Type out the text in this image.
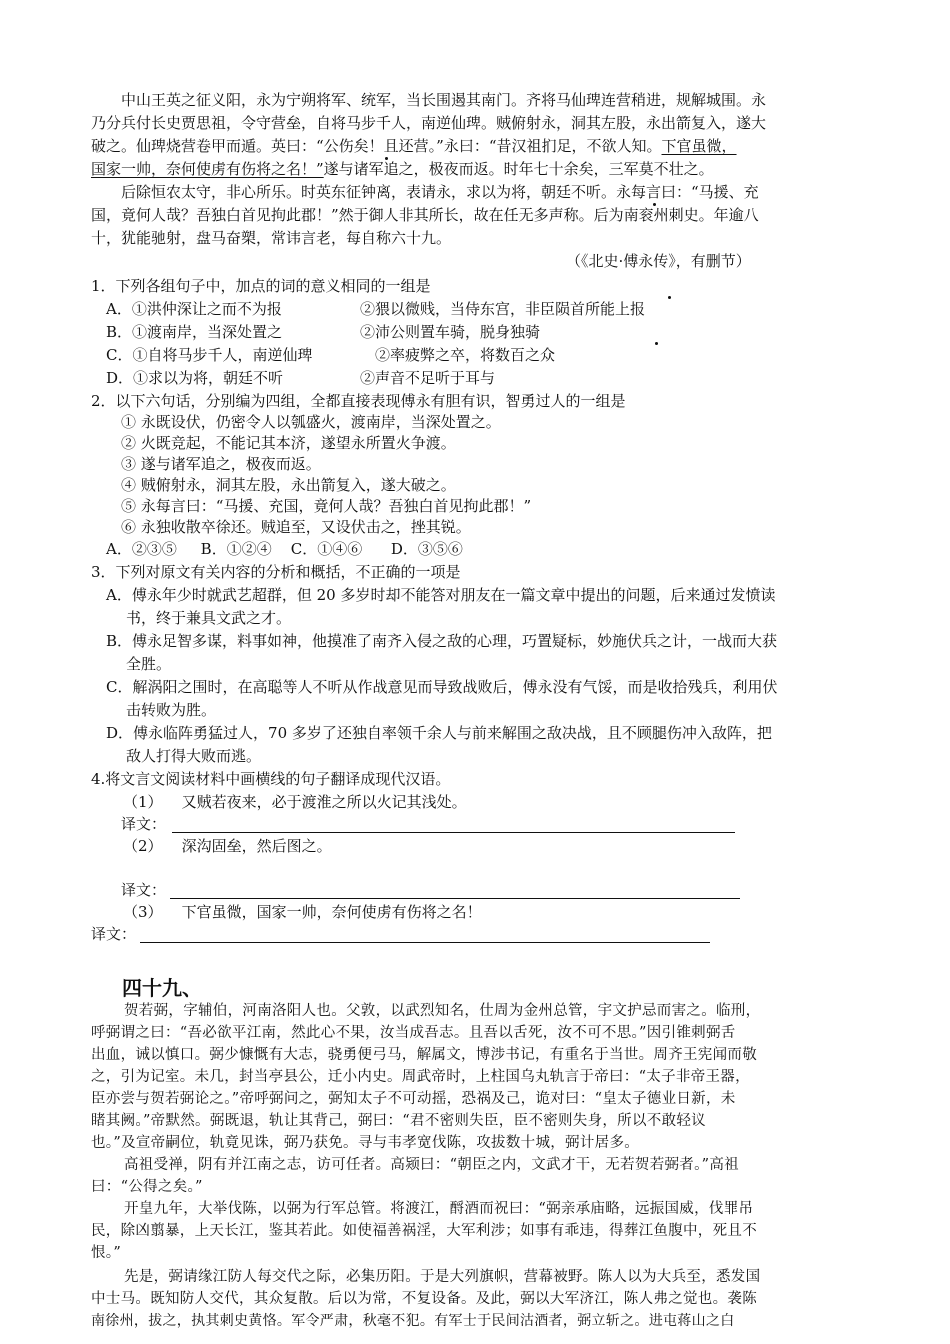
中山王英之征义阳，永为宁朔将军、统军，当长围遏其南门。齐将马仙琕连营稍进，规解城围。永
乃分兵付长史贾思祖，令守营垒，自将马步千人，南逆仙琕。贼俯射永，洞其左股，永出箭复入，遂大
破之。仙琕烧营卷甲而遁。英曰：“公伤矣！且还营。”永曰：“昔汉祖扪足，不欲人知。下官虽微，
国家一帅，奈何使虏有伤将之名！”遂与诸军追之，极夜而返。时年七十余矣，三军莫不壮之。
后除恒农太守，非心所乐。时英东征钟离，表请永，求以为将，朝廷不听。永每言曰：“马援、充
国，竟何人哉？吾独白首见拘此郡！”然于御人非其所长，故在任无多声称。后为南衮州刺史。年逾八
十，犹能驰射，盘马奋槊，常讳言老，每自称六十九。
（《北史·傅永传》，有删节）
1．下列各组句子中，加点的词的意义相同的一组是
A．①洪仲深让之而不为报	②猥以微贱，当侍东宫，非臣陨首所能上报
B．①渡南岸，当深处置之	②沛公则置车骑，脱身独骑
C．①自将马步千人，南逆仙琕	②率疲弊之卒，将数百之众
D．①求以为将，朝廷不听	②声音不足听于耳与
2．以下六句话，分别编为四组，全都直接表现傅永有胆有识，智勇过人的一组是
① 永既设伏，仍密令人以瓠盛火，渡南岸，当深处置之。
② 火既竞起，不能记其本济，遂望永所置火争渡。
③ 遂与诸军追之，极夜而返。
④ 贼俯射永，洞其左股，永出箭复入，遂大破之。
⑤ 永每言曰：“马援、充国，竟何人哉？吾独白首见拘此郡！”
⑥ 永独收散卒徐还。贼追至，又设伏击之，挫其锐。
A．②③⑤     B．①②④    C．①④⑥      D．③⑤⑥
3．下列对原文有关内容的分析和概括，不正确的一项是
A．傅永年少时就武艺超群，但 20 多岁时却不能答对朋友在一篇文章中提出的问题，后来通过发愤读
书，终于兼具文武之才。
B．傅永足智多谋，料事如神，他摸准了南齐入侵之敌的心理，巧置疑标，妙施伏兵之计，一战而大获
全胜。
C．解涡阳之围时，在高聪等人不听从作战意见而导致战败后，傅永没有气馁，而是收拾残兵，利用伏
击转败为胜。
D．傅永临阵勇猛过人，70 多岁了还独自率领千余人与前来解围之敌决战，且不顾腿伤冲入敌阵，把
敌人打得大败而逃。
4.将文言文阅读材料中画横线的句子翻译成现代汉语。
（1）    又贼若夜来，必于渡淮之所以火记其浅处。
译文：
（2）    深沟固垒，然后图之。
译文：
（3）    下官虽微，国家一帅，奈何使虏有伤将之名！
译文：
四十九、
贺若弼，字辅伯，河南洛阳人也。父敦，以武烈知名，仕周为金州总管，宇文护忌而害之。临刑，
呼弼谓之曰：“吾必欲平江南，然此心不果，汝当成吾志。且吾以舌死，汝不可不思。”因引锥刺弼舌
出血，诫以慎口。弼少慷慨有大志，骁勇便弓马，解属文，博涉书记，有重名于当世。周齐王宪闻而敬
之，引为记室。未几，封当亭县公，迁小内史。周武帝时，上柱国乌丸轨言于帝曰：“太子非帝王器，
臣亦尝与贺若弼论之。”帝呼弼问之，弼知太子不可动摇，恐祸及己，诡对曰：“皇太子德业日新，未
睹其阙。”帝默然。弼既退，轨让其背己，弼曰：“君不密则失臣，臣不密则失身，所以不敢轻议
也。”及宣帝嗣位，轨竟见诛，弼乃获免。寻与韦孝宽伐陈，攻拔数十城，弼计居多。
高祖受禅，阴有并江南之志，访可任者。高颎曰：“朝臣之内，文武才干，无若贺若弼者。”高祖
曰：“公得之矣。”
开皇九年，大举伐陈，以弼为行军总管。将渡江，酹酒而祝曰：“弼亲承庙略，远振国威，伐罪吊
民，除凶翦暴，上天长江，鉴其若此。如使福善祸淫，大军利涉；如事有乖违，得葬江鱼腹中，死且不
恨。”
先是，弼请缘江防人每交代之际，必集历阳。于是大列旗帜，营幕被野。陈人以为大兵至，悉发国
中士马。既知防人交代，其众复散。后以为常，不复设备。及此，弼以大军济江，陈人弗之觉也。袭陈
南徐州，拔之，执其刺史黄恪。军令严肃，秋毫不犯。有军士于民间沽酒者，弼立斩之。进屯蒋山之白
